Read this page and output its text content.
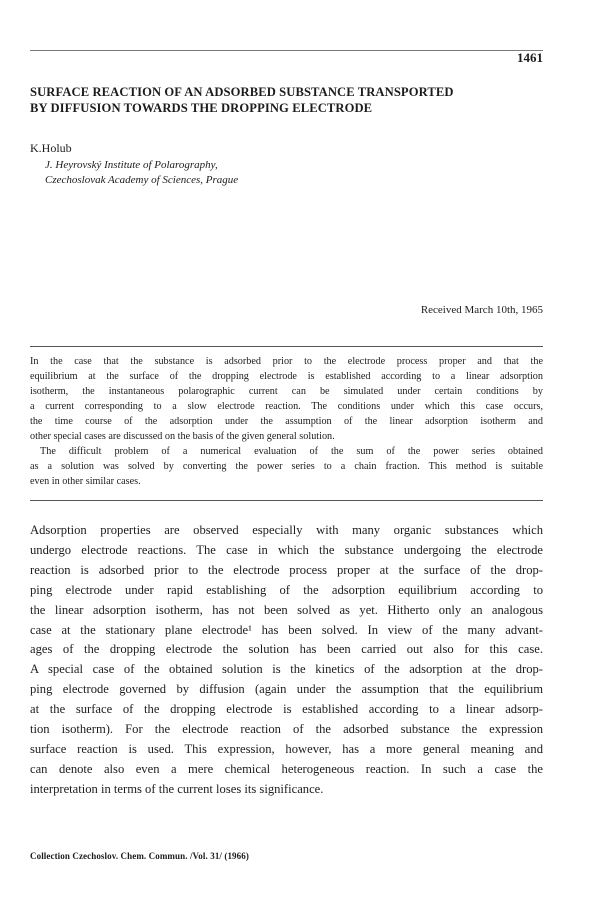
1461
SURFACE REACTION OF AN ADSORBED SUBSTANCE TRANSPORTED
BY DIFFUSION TOWARDS THE DROPPING ELECTRODE
K.Holub
J. Heyrovský Institute of Polarography,
Czechoslovak Academy of Sciences, Prague
Received March 10th, 1965
In the case that the substance is adsorbed prior to the electrode process proper and that the
equilibrium at the surface of the dropping electrode is established according to a linear adsorption
isotherm, the instantaneous polarographic current can be simulated under certain conditions by
a current corresponding to a slow electrode reaction. The conditions under which this case occurs,
the time course of the adsorption under the assumption of the linear adsorption isotherm and
other special cases are discussed on the basis of the given general solution.
The difficult problem of a numerical evaluation of the sum of the power series obtained
as a solution was solved by converting the power series to a chain fraction. This method is suitable
even in other similar cases.
Adsorption properties are observed especially with many organic substances which
undergo electrode reactions. The case in which the substance undergoing the electrode
reaction is adsorbed prior to the electrode process proper at the surface of the drop-
ping electrode under rapid establishing of the adsorption equilibrium according to
the linear adsorption isotherm, has not been solved as yet. Hitherto only an analogous
case at the stationary plane electrode¹ has been solved. In view of the many advant-
ages of the dropping electrode the solution has been carried out also for this case.
A special case of the obtained solution is the kinetics of the adsorption at the drop-
ping electrode governed by diffusion (again under the assumption that the equilibrium
at the surface of the dropping electrode is established according to a linear adsorp-
tion isotherm). For the electrode reaction of the adsorbed substance the expression
surface reaction is used. This expression, however, has a more general meaning and
can denote also even a mere chemical heterogeneous reaction. In such a case the
interpretation in terms of the current loses its significance.
Collection Czechoslov. Chem. Commun. /Vol. 31/ (1966)
